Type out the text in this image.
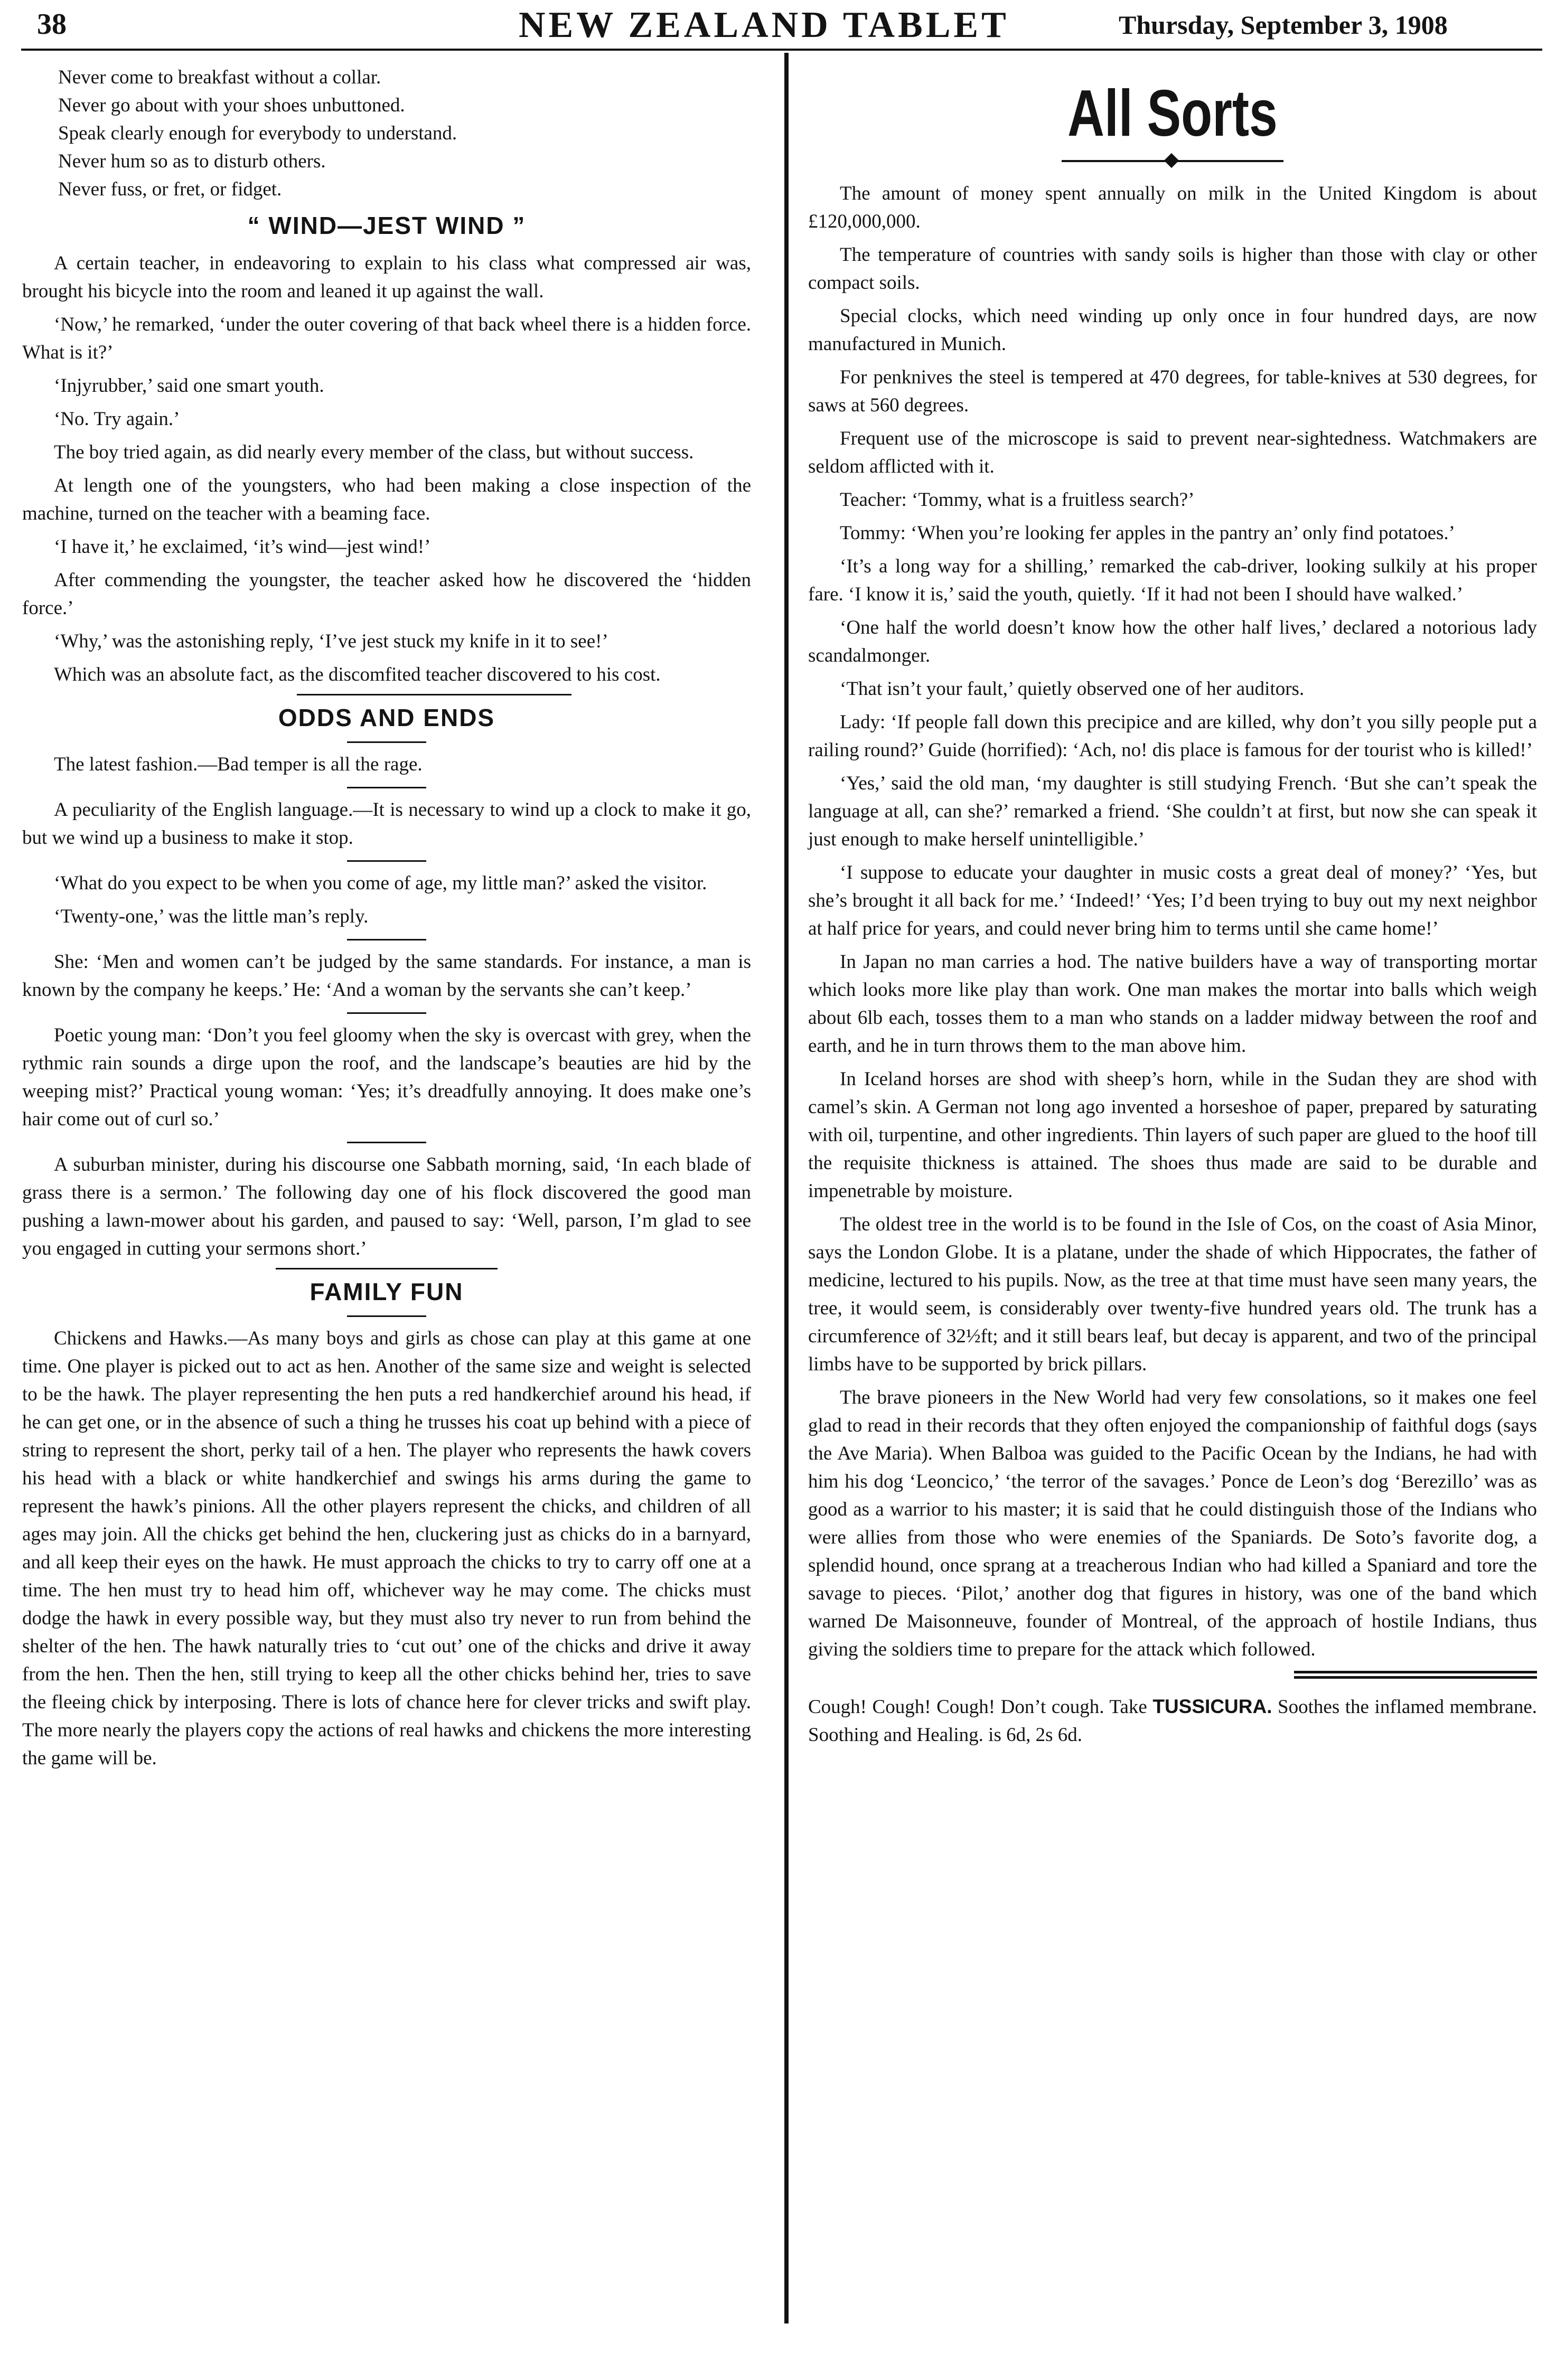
38	NEW ZEALAND TABLET	Thursday, September 3, 1908

Never come to breakfast without a collar.

Never go about with your shoes unbuttoned.

Speak clearly enough for everybody to understand.

Never hum so as to disturb others.

Never fuss, or fret, or fidget.

“ WIND—JEST WIND ”

A certain teacher, in endeavoring to explain to his class what compressed air was, brought his bicycle into the room and leaned it up against the wall.

‘Now,’ he remarked, ‘under the outer covering of that back wheel there is a hidden force. What is it?’

‘Injyrubber,’ said one smart youth.

‘No. Try again.’

The boy tried again, as did nearly every member of the class, but without success.

At length one of the youngsters, who had been making a close inspection of the machine, turned on the teacher with a beaming face.

‘I have it,’ he exclaimed, ‘it’s wind—jest wind!’

After commending the youngster, the teacher asked how he discovered the ‘hidden force.’

‘Why,’ was the astonishing reply, ‘I’ve jest stuck my knife in it to see!’

Which was an absolute fact, as the discomfited teacher discovered to his cost.

ODDS AND ENDS

The latest fashion.—Bad temper is all the rage.

A peculiarity of the English language.—It is necessary to wind up a clock to make it go, but we wind up a business to make it stop.

‘What do you expect to be when you come of age, my little man?’ asked the visitor.

‘Twenty-one,’ was the little man’s reply.

She: ‘Men and women can’t be judged by the same standards. For instance, a man is known by the company he keeps.’ He: ‘And a woman by the servants she can’t keep.’

Poetic young man: ‘Don’t you feel gloomy when the sky is overcast with grey, when the rythmic rain sounds a dirge upon the roof, and the landscape’s beauties are hid by the weeping mist?’ Practical young woman: ‘Yes; it’s dreadfully annoying. It does make one’s hair come out of curl so.’

A suburban minister, during his discourse one Sabbath morning, said, ‘In each blade of grass there is a sermon.’ The following day one of his flock discovered the good man pushing a lawn-mower about his garden, and paused to say: ‘Well, parson, I’m glad to see you engaged in cutting your sermons short.’

FAMILY FUN

Chickens and Hawks.—As many boys and girls as chose can play at this game at one time. One player is picked out to act as hen. Another of the same size and weight is selected to be the hawk. The player representing the hen puts a red handkerchief around his head, if he can get one, or in the absence of such a thing he trusses his coat up behind with a piece of string to represent the short, perky tail of a hen. The player who represents the hawk covers his head with a black or white handkerchief and swings his arms during the game to represent the hawk’s pinions. All the other players represent the chicks, and children of all ages may join. All the chicks get behind the hen, cluckering just as chicks do in a barnyard, and all keep their eyes on the hawk. He must approach the chicks to try to carry off one at a time. The hen must try to head him off, whichever way he may come. The chicks must dodge the hawk in every possible way, but they must also try never to run from behind the shelter of the hen. The hawk naturally tries to ‘cut out’ one of the chicks and drive it away from the hen. Then the hen, still trying to keep all the other chicks behind her, tries to save the fleeing chick by interposing. There is lots of chance here for clever tricks and swift play. The more nearly the players copy the actions of real hawks and chickens the more interesting the game will be.

All Sorts

The amount of money spent annually on milk in the United Kingdom is about £120,000,000.

The temperature of countries with sandy soils is higher than those with clay or other compact soils.

Special clocks, which need winding up only once in four hundred days, are now manufactured in Munich.

For penknives the steel is tempered at 470 degrees, for table-knives at 530 degrees, for saws at 560 degrees.

Frequent use of the microscope is said to prevent near-sightedness. Watchmakers are seldom afflicted with it.

Teacher: ‘Tommy, what is a fruitless search?’

Tommy: ‘When you’re looking fer apples in the pantry an’ only find potatoes.’

‘It’s a long way for a shilling,’ remarked the cab-driver, looking sulkily at his proper fare. ‘I know it is,’ said the youth, quietly. ‘If it had not been I should have walked.’

‘One half the world doesn’t know how the other half lives,’ declared a notorious lady scandalmonger.

‘That isn’t your fault,’ quietly observed one of her auditors.

Lady: ‘If people fall down this precipice and are killed, why don’t you silly people put a railing round?’ Guide (horrified): ‘Ach, no! dis place is famous for der tourist who is killed!’

‘Yes,’ said the old man, ‘my daughter is still studying French. ‘But she can’t speak the language at all, can she?’ remarked a friend. ‘She couldn’t at first, but now she can speak it just enough to make herself unintelligible.’

‘I suppose to educate your daughter in music costs a great deal of money?’ ‘Yes, but she’s brought it all back for me.’ ‘Indeed!’ ‘Yes; I’d been trying to buy out my next neighbor at half price for years, and could never bring him to terms until she came home!’

In Japan no man carries a hod. The native builders have a way of transporting mortar which looks more like play than work. One man makes the mortar into balls which weigh about 6lb each, tosses them to a man who stands on a ladder midway between the roof and earth, and he in turn throws them to the man above him.

In Iceland horses are shod with sheep’s horn, while in the Sudan they are shod with camel’s skin. A German not long ago invented a horseshoe of paper, prepared by saturating with oil, turpentine, and other ingredients. Thin layers of such paper are glued to the hoof till the requisite thickness is attained. The shoes thus made are said to be durable and impenetrable by moisture.

The oldest tree in the world is to be found in the Isle of Cos, on the coast of Asia Minor, says the London Globe. It is a platane, under the shade of which Hippocrates, the father of medicine, lectured to his pupils. Now, as the tree at that time must have seen many years, the tree, it would seem, is considerably over twenty-five hundred years old. The trunk has a circumference of 32½ft; and it still bears leaf, but decay is apparent, and two of the principal limbs have to be supported by brick pillars.

The brave pioneers in the New World had very few consolations, so it makes one feel glad to read in their records that they often enjoyed the companionship of faithful dogs (says the Ave Maria). When Balboa was guided to the Pacific Ocean by the Indians, he had with him his dog ‘Leoncico,’ ‘the terror of the savages.’ Ponce de Leon’s dog ‘Berezillo’ was as good as a warrior to his master; it is said that he could distinguish those of the Indians who were allies from those who were enemies of the Spaniards. De Soto’s favorite dog, a splendid hound, once sprang at a treacherous Indian who had killed a Spaniard and tore the savage to pieces. ‘Pilot,’ another dog that figures in history, was one of the band which warned De Maisonneuve, founder of Montreal, of the approach of hostile Indians, thus giving the soldiers time to prepare for the attack which followed.

Cough! Cough! Cough! Don’t cough. Take TUSSICURA. Soothes the inflamed membrane. Soothing and Healing. is 6d, 2s 6d.
